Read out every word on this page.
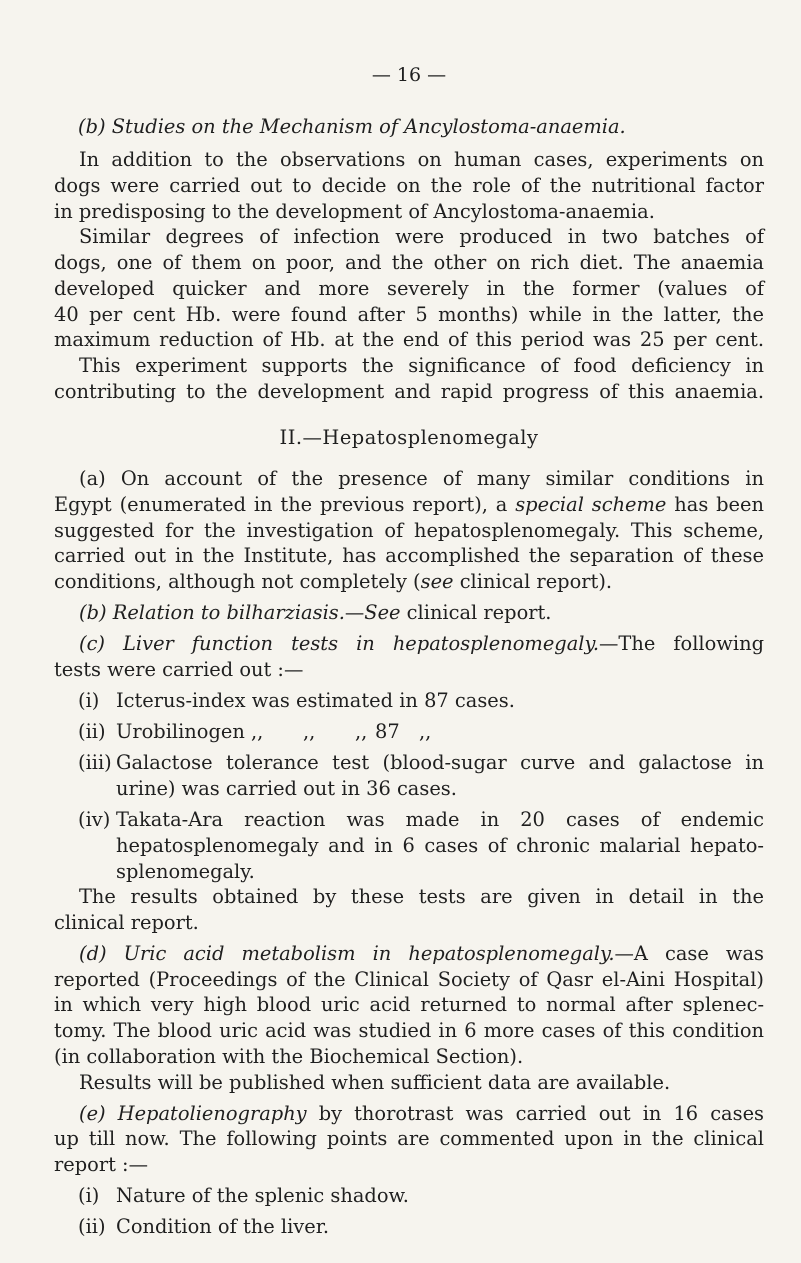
— 16 —
(b) Studies on the Mechanism of Ancylostoma-anaemia.
In addition to the observations on human cases, experiments on
dogs were carried out to decide on the role of the nutritional factor
in predisposing to the development of Ancylostoma-anaemia.
Similar degrees of infection were produced in two batches of
dogs, one of them on poor, and the other on rich diet. The anaemia
developed quicker and more severely in the former (values of
40 per cent Hb. were found after 5 months) while in the latter, the
maximum reduction of Hb. at the end of this period was 25 per cent.
This experiment supports the significance of food deficiency in
contributing to the development and rapid progress of this anaemia.
II.—Hepatosplenomegaly
(a) On account of the presence of many similar conditions in
Egypt (enumerated in the previous report), a special scheme has been
suggested for the investigation of hepatosplenomegaly. This scheme,
carried out in the Institute, has accomplished the separation of these
conditions, although not completely (see clinical report).
(b) Relation to bilharziasis.—See clinical report.
(c) Liver function tests in hepatosplenomegaly.—The following
tests were carried out :—
(i) Icterus-index was estimated in 87 cases.
(ii) Urobilinogen ,, ,, ,, 87 ,,
(iii) Galactose tolerance test (blood-sugar curve and galactose in
urine) was carried out in 36 cases.
(iv) Takata-Ara reaction was made in 20 cases of endemic
hepatosplenomegaly and in 6 cases of chronic malarial hepato-
splenomegaly.
The results obtained by these tests are given in detail in the
clinical report.
(d) Uric acid metabolism in hepatosplenomegaly.—A case was
reported (Proceedings of the Clinical Society of Qasr el-Aini Hospital)
in which very high blood uric acid returned to normal after splenec-
tomy. The blood uric acid was studied in 6 more cases of this condition
(in collaboration with the Biochemical Section).
Results will be published when sufficient data are available.
(e) Hepatolienography by thorotrast was carried out in 16 cases
up till now. The following points are commented upon in the clinical
report :—
(i) Nature of the splenic shadow.
(ii) Condition of the liver.
